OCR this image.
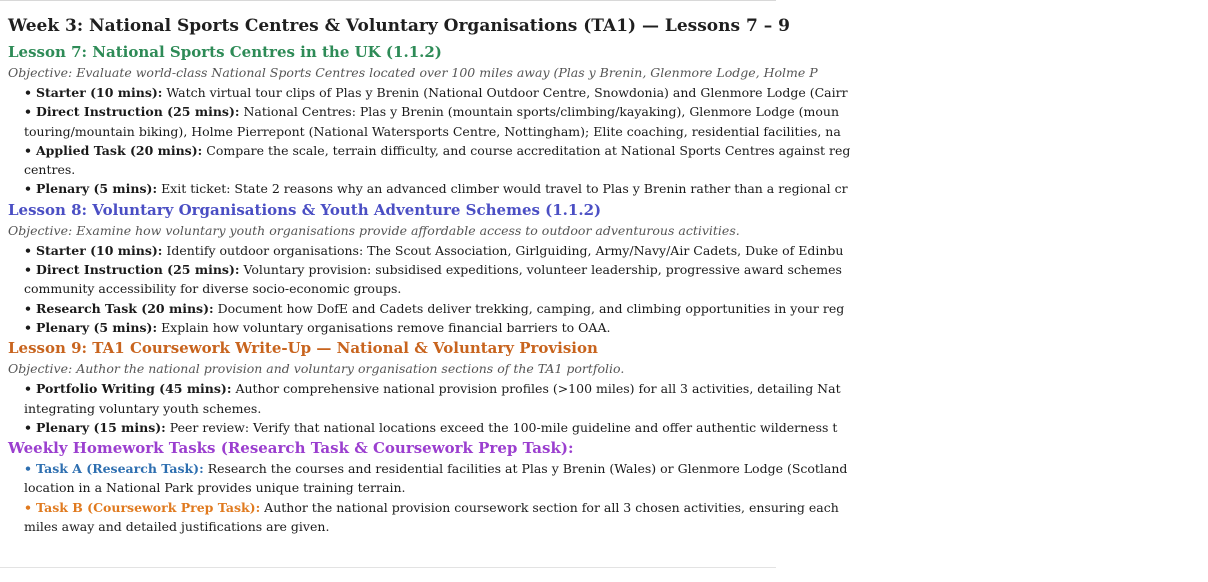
Week 3: National Sports Centres & Voluntary Organisations (TA1) — Lessons 7 – 9
Lesson 7: National Sports Centres in the UK (1.1.2)
Objective: Evaluate world-class National Sports Centres located over 100 miles away (Plas y Brenin, Glenmore Lodge, Holme P
• Starter (10 mins): Watch virtual tour clips of Plas y Brenin (National Outdoor Centre, Snowdonia) and Glenmore Lodge (Cairr
• Direct Instruction (25 mins): National Centres: Plas y Brenin (mountain sports/climbing/kayaking), Glenmore Lodge (moun
touring/mountain biking), Holme Pierrepont (National Watersports Centre, Nottingham); Elite coaching, residential facilities, na
• Applied Task (20 mins): Compare the scale, terrain difficulty, and course accreditation at National Sports Centres against reg
centres.
• Plenary (5 mins): Exit ticket: State 2 reasons why an advanced climber would travel to Plas y Brenin rather than a regional cr
Lesson 8: Voluntary Organisations & Youth Adventure Schemes (1.1.2)
Objective: Examine how voluntary youth organisations provide affordable access to outdoor adventurous activities.
• Starter (10 mins): Identify outdoor organisations: The Scout Association, Girlguiding, Army/Navy/Air Cadets, Duke of Edinbu
• Direct Instruction (25 mins): Voluntary provision: subsidised expeditions, volunteer leadership, progressive award schemes
community accessibility for diverse socio-economic groups.
• Research Task (20 mins): Document how DofE and Cadets deliver trekking, camping, and climbing opportunities in your reg
• Plenary (5 mins): Explain how voluntary organisations remove financial barriers to OAA.
Lesson 9: TA1 Coursework Write-Up — National & Voluntary Provision
Objective: Author the national provision and voluntary organisation sections of the TA1 portfolio.
• Portfolio Writing (45 mins): Author comprehensive national provision profiles (>100 miles) for all 3 activities, detailing Nat
integrating voluntary youth schemes.
• Plenary (15 mins): Peer review: Verify that national locations exceed the 100-mile guideline and offer authentic wilderness t
Weekly Homework Tasks (Research Task & Coursework Prep Task):
• Task A (Research Task): Research the courses and residential facilities at Plas y Brenin (Wales) or Glenmore Lodge (Scotland
location in a National Park provides unique training terrain.
• Task B (Coursework Prep Task): Author the national provision coursework section for all 3 chosen activities, ensuring each
miles away and detailed justifications are given.
